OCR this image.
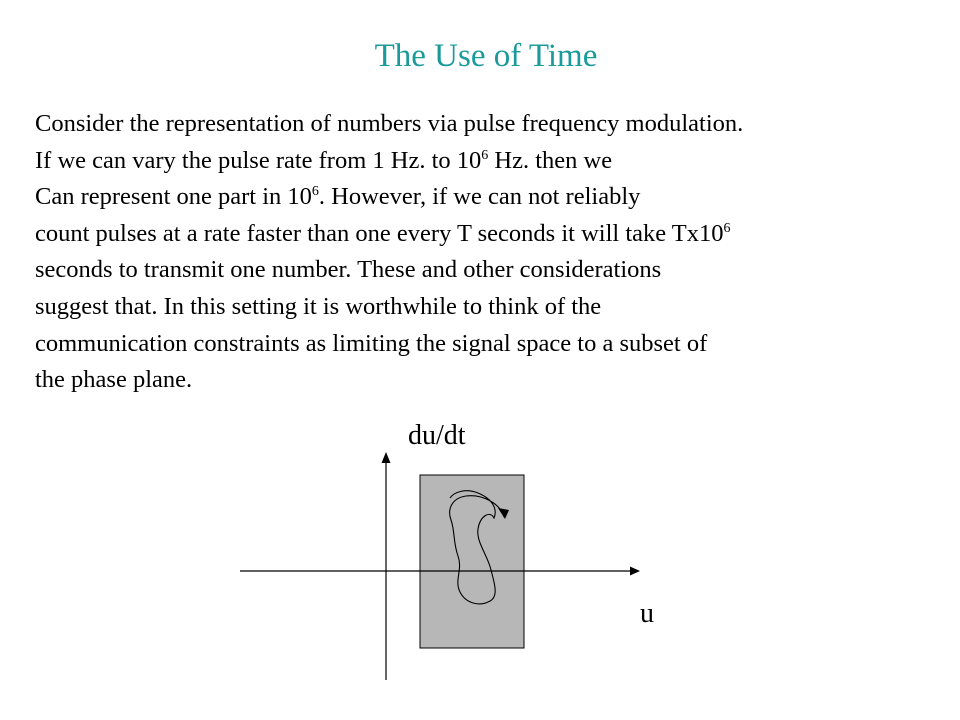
The Use of Time
Consider the representation of numbers via pulse frequency modulation.
If we can vary the pulse rate from 1 Hz. to $10^6$ Hz. then we
Can represent one part in $10^6$. However, if we can not reliably
count pulses at a rate faster than one every T seconds it will take $Tx10^6$
seconds to transmit one number. These and other considerations
suggest that. In this setting it is worthwhile to think of the
communication constraints as limiting the signal space to a subset of
the phase plane.
du/dt
u
